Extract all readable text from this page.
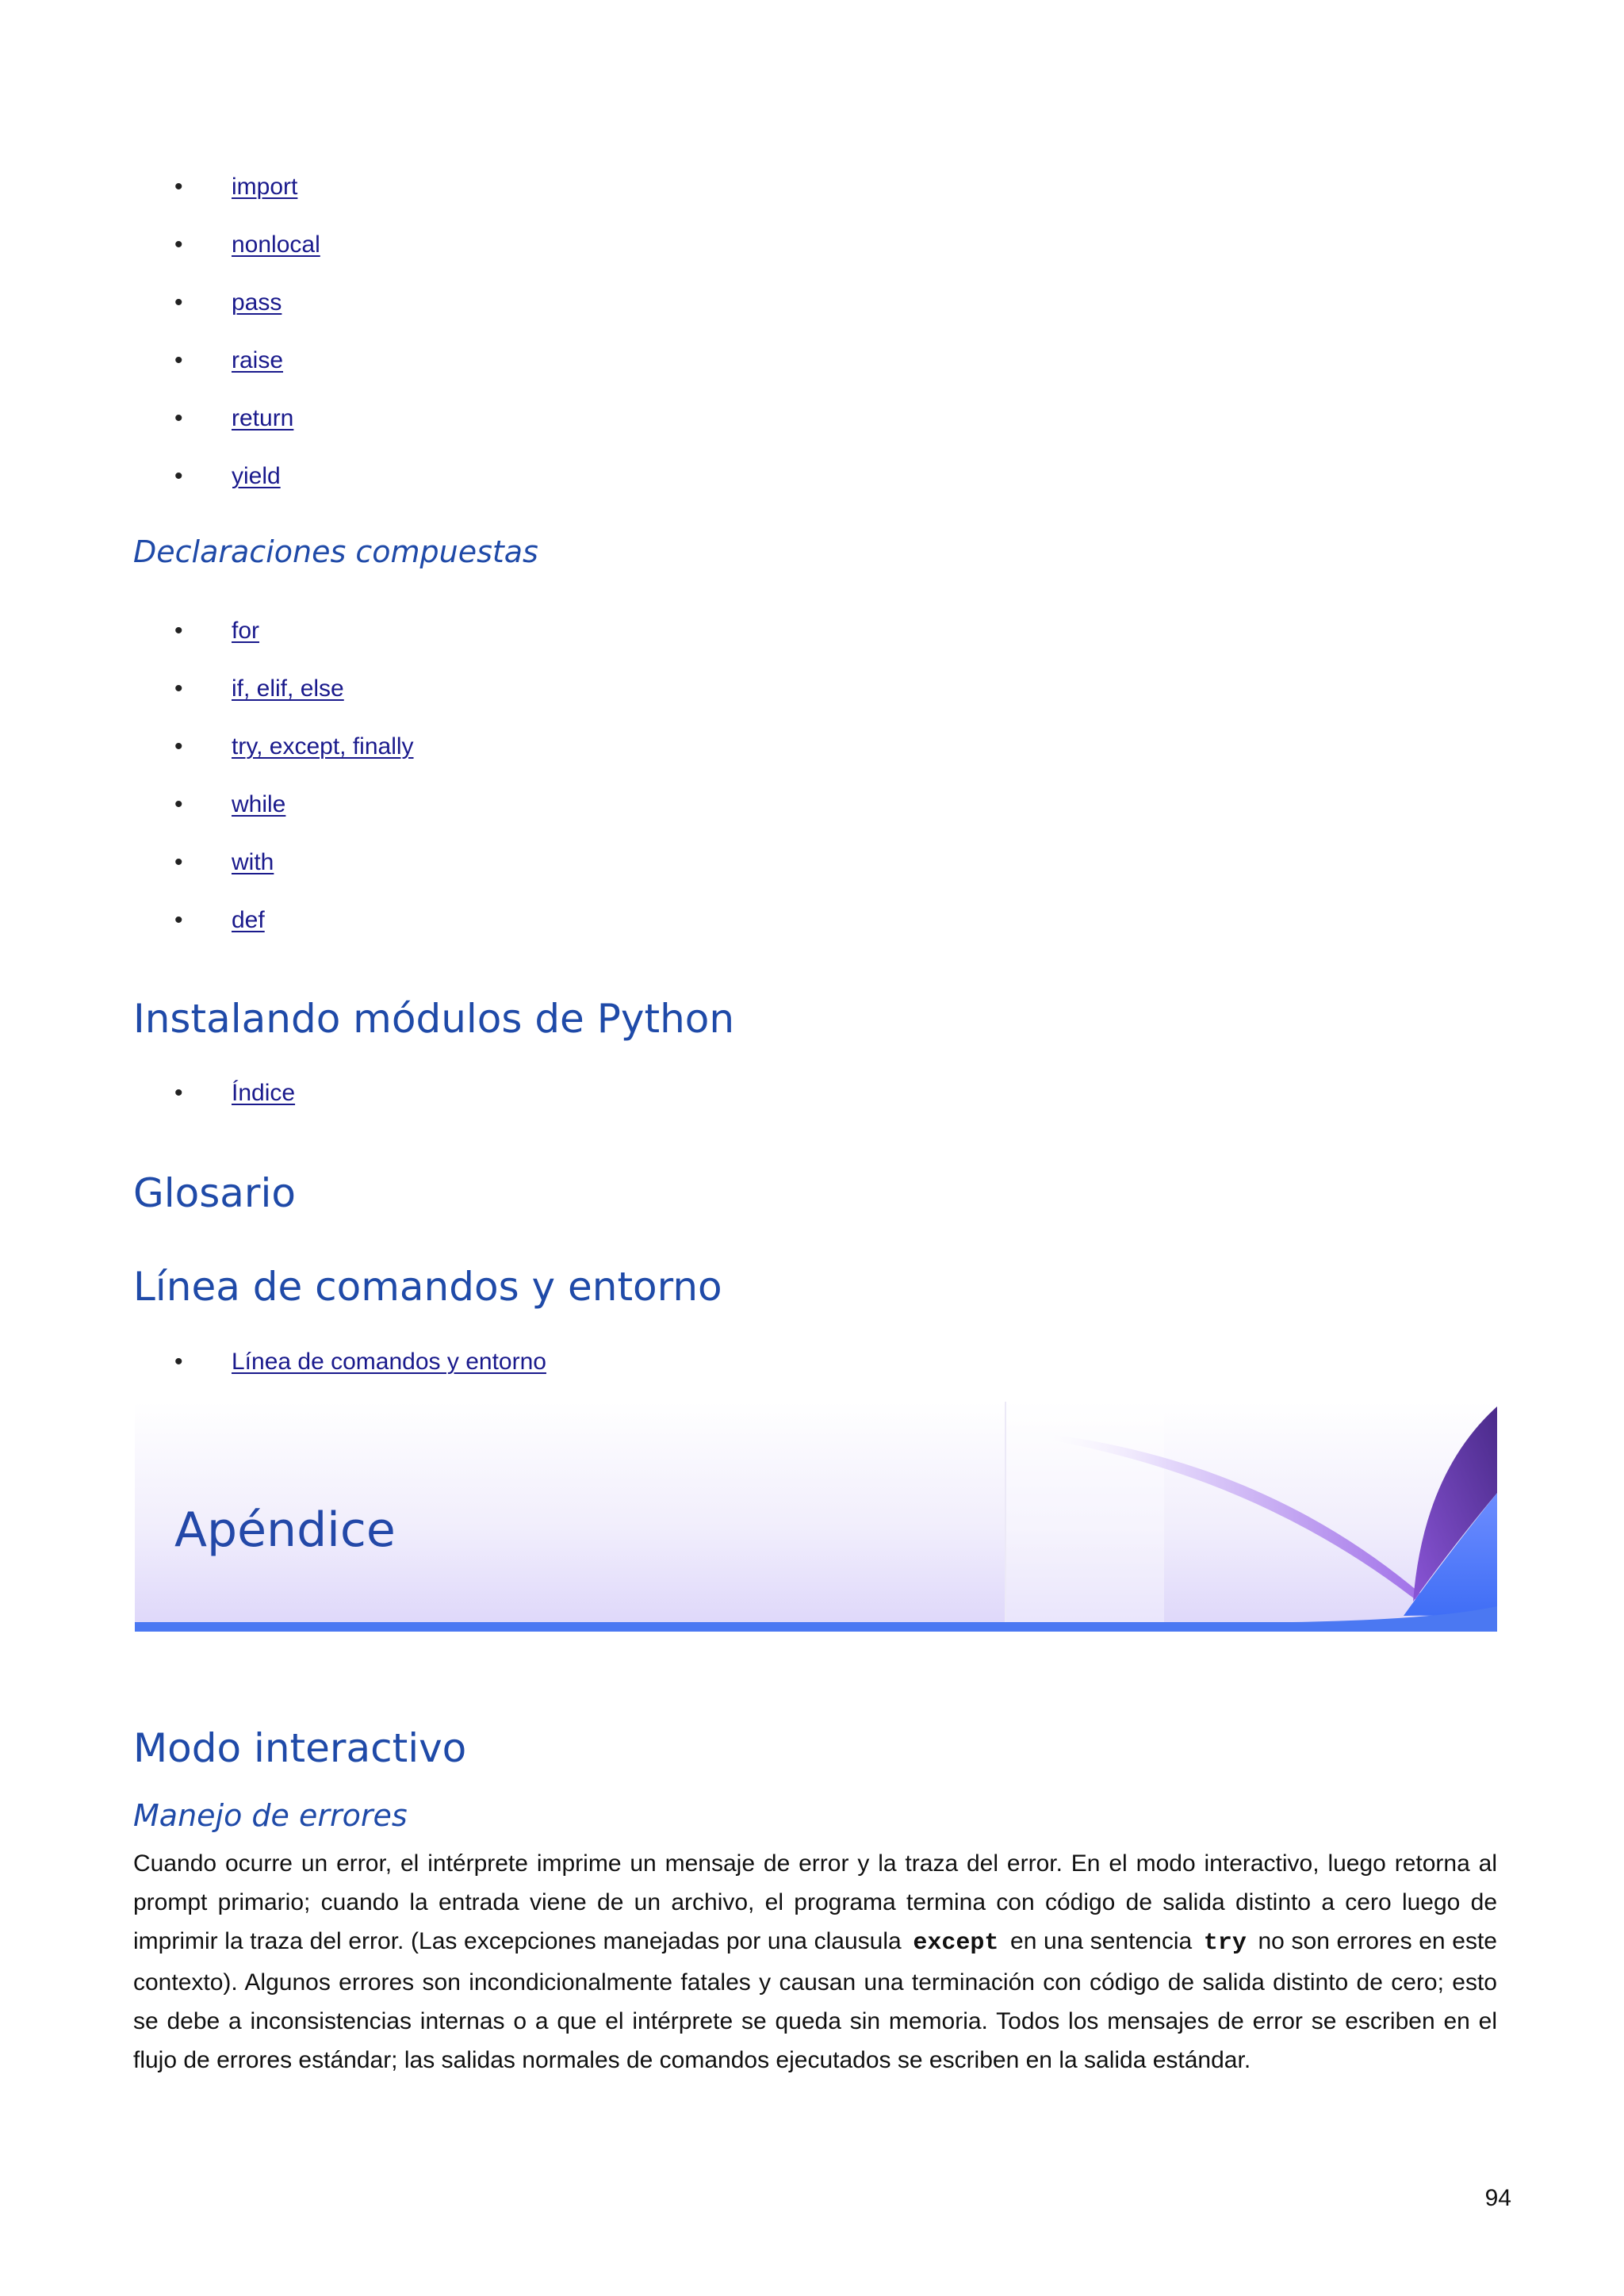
• import
• nonlocal
• pass
• raise
• return
• yield
Declaraciones compuestas
• for
• if, elif, else
• try, except, finally
• while
• with
• def
Instalando módulos de Python
• Índice
Glosario
Línea de comandos y entorno
• Línea de comandos y entorno
Apéndice
Modo interactivo
Manejo de errores

Cuando ocurre un error, el intérprete imprime un mensaje de error y la traza del error. En el modo interactivo, luego retorna al prompt primario; cuando la entrada viene de un archivo, el programa termina con código de salida distinto a cero luego de imprimir la traza del error. (Las excepciones manejadas por una clausula except en una sentencia try no son errores en este contexto). Algunos errores son incondicionalmente fatales y causan una terminación con código de salida distinto de cero; esto se debe a inconsistencias internas o a que el intérprete se queda sin memoria. Todos los mensajes de error se escriben en el flujo de errores estándar; las salidas normales de comandos ejecutados se escriben en la salida estándar.

94
